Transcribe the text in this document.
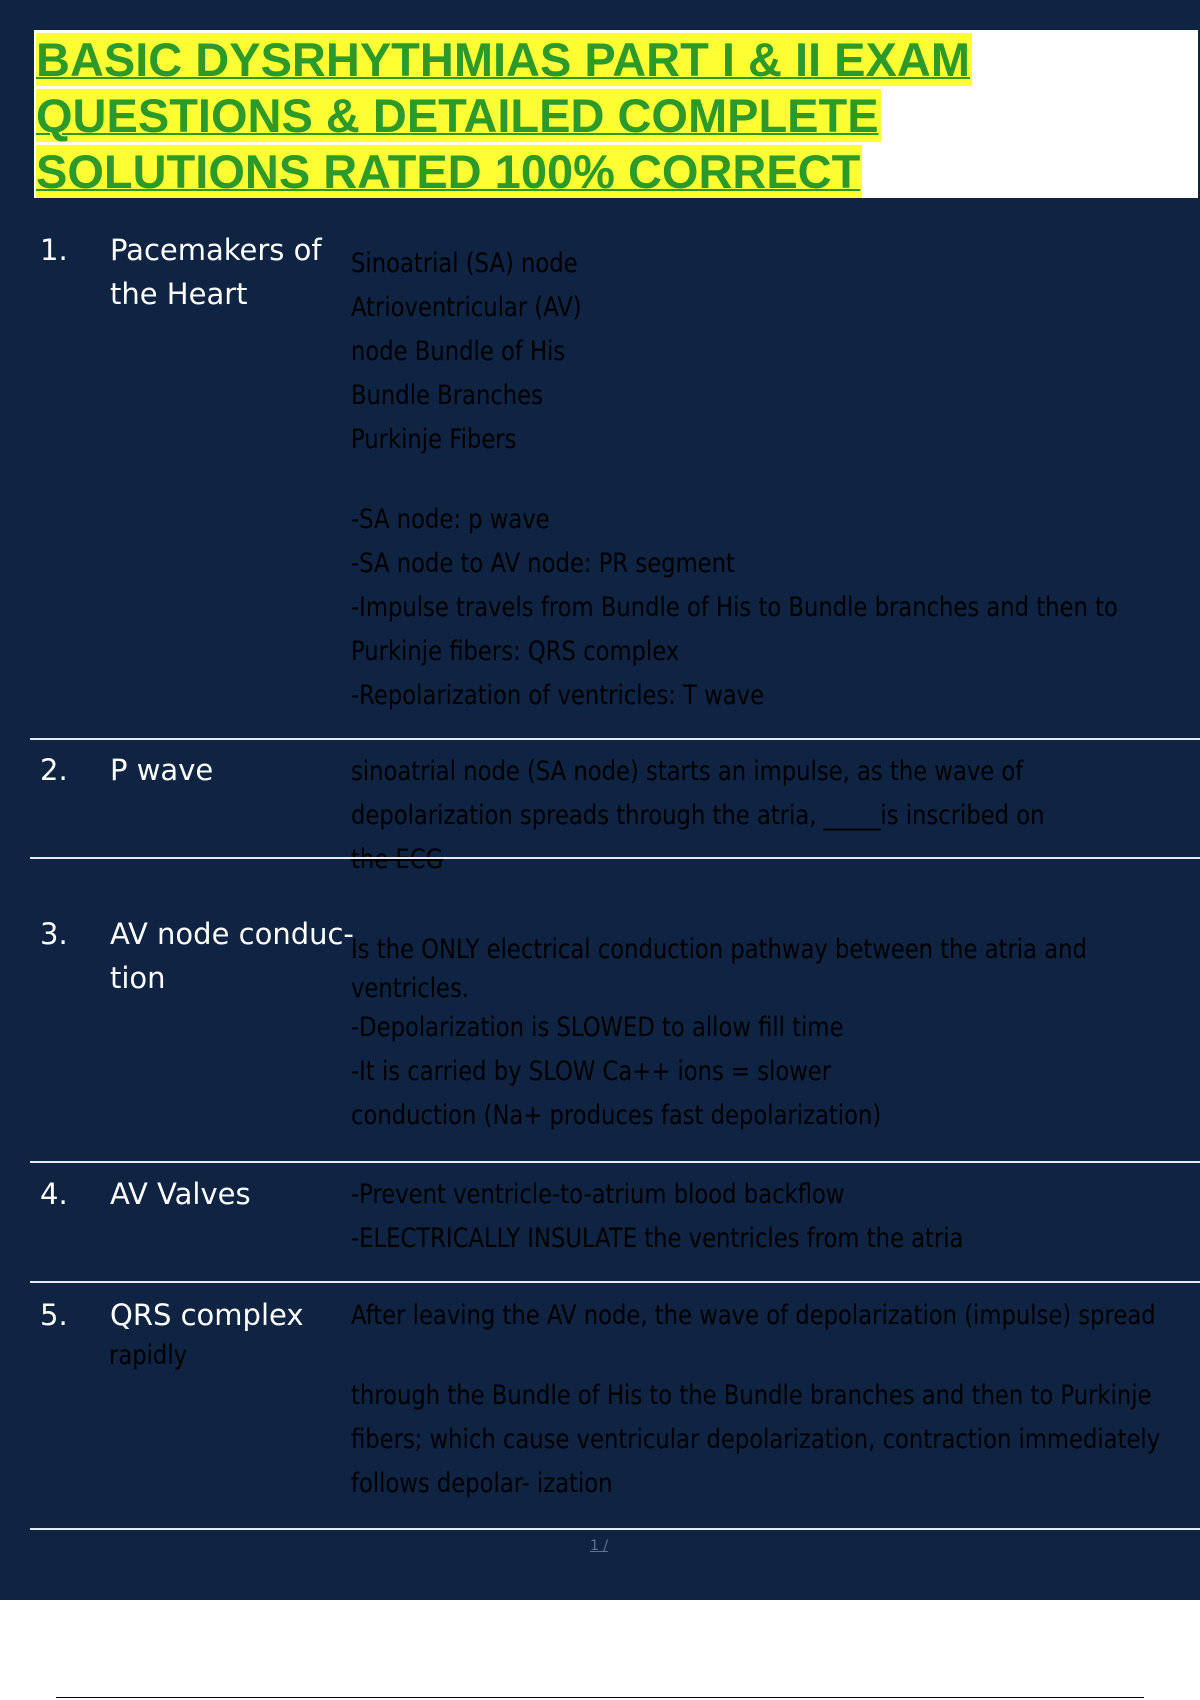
BASIC DYSRHYTHMIAS PART I & II EXAM
QUESTIONS & DETAILED COMPLETE
SOLUTIONS RATED 100% CORRECT
1. Pacemakers of the Heart
Sinoatrial (SA) node
Atrioventricular (AV)
node Bundle of His
Bundle Branches
Purkinje Fibers
-SA node: p wave
-SA node to AV node: PR segment
-Impulse travels from Bundle of His to Bundle branches and then to
Purkinje fibers: QRS complex
-Repolarization of ventricles: T wave
2. P wave	sinoatrial node (SA node) starts an impulse, as the wave of
depolarization spreads through the atria, _____is inscribed on
the ECG
3. AV node conduc- tion
Is the ONLY electrical conduction pathway between the atria and
ventricles.
-Depolarization is SLOWED to allow fill time
-It is carried by SLOW Ca++ ions = slower
conduction (Na+ produces fast depolarization)
4. AV Valves	-Prevent ventricle-to-atrium blood backflow
-ELECTRICALLY INSULATE the ventricles from the atria
5. QRS complex
rapidly
After leaving the AV node, the wave of depolarization (impulse) spread
through the Bundle of His to the Bundle branches and then to Purkinje
fibers; which cause ventricular depolarization, contraction immediately
follows depolar- ization
1 /
